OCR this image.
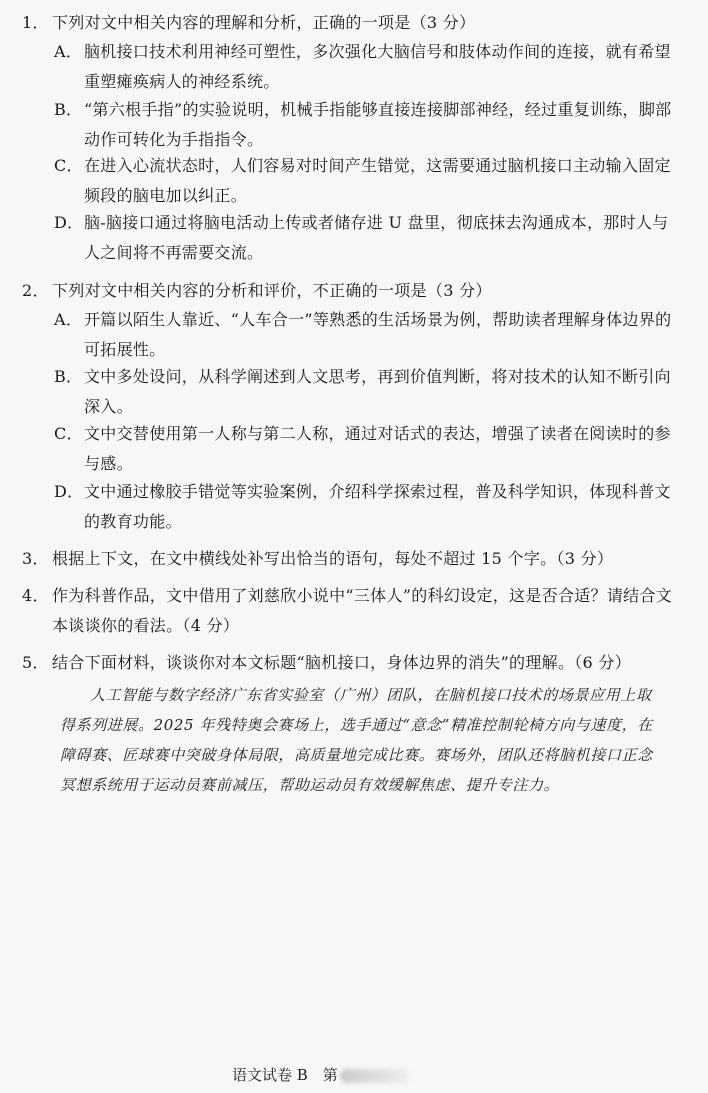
1． 下列对文中相关内容的理解和分析，正确的一项是（3 分）
A． 脑机接口技术利用神经可塑性，多次强化大脑信号和肢体动作间的连接，就有希望重塑瘫痪病人的神经系统。
B． “第六根手指”的实验说明，机械手指能够直接连接脚部神经，经过重复训练，脚部动作可转化为手指指令。
C． 在进入心流状态时，人们容易对时间产生错觉，这需要通过脑机接口主动输入固定频段的脑电加以纠正。
D． 脑-脑接口通过将脑电活动上传或者储存进 U 盘里，彻底抹去沟通成本，那时人与人之间将不再需要交流。
2． 下列对文中相关内容的分析和评价，不正确的一项是（3 分）
A． 开篇以陌生人靠近、“人车合一”等熟悉的生活场景为例，帮助读者理解身体边界的可拓展性。
B． 文中多处设问，从科学阐述到人文思考，再到价值判断，将对技术的认知不断引向深入。
C． 文中交替使用第一人称与第二人称，通过对话式的表达，增强了读者在阅读时的参与感。
D． 文中通过橡胶手错觉等实验案例，介绍科学探索过程，普及科学知识，体现科普文的教育功能。
3． 根据上下文，在文中横线处补写出恰当的语句，每处不超过 15 个字。（3 分）
4． 作为科普作品，文中借用了刘慈欣小说中“三体人”的科幻设定，这是否合适？请结合文本谈谈你的看法。（4 分）
5． 结合下面材料，谈谈你对本文标题“脑机接口，身体边界的消失”的理解。（6 分）
人工智能与数字经济广东省实验室（广州）团队，在脑机接口技术的场景应用上取得系列进展。2025 年残特奥会赛场上，选手通过“意念”精准控制轮椅方向与速度，在障碍赛、匠球赛中突破身体局限，高质量地完成比赛。赛场外，团队还将脑机接口正念冥想系统用于运动员赛前减压，帮助运动员有效缓解焦虑、提升专注力。
语文试卷 B　第
